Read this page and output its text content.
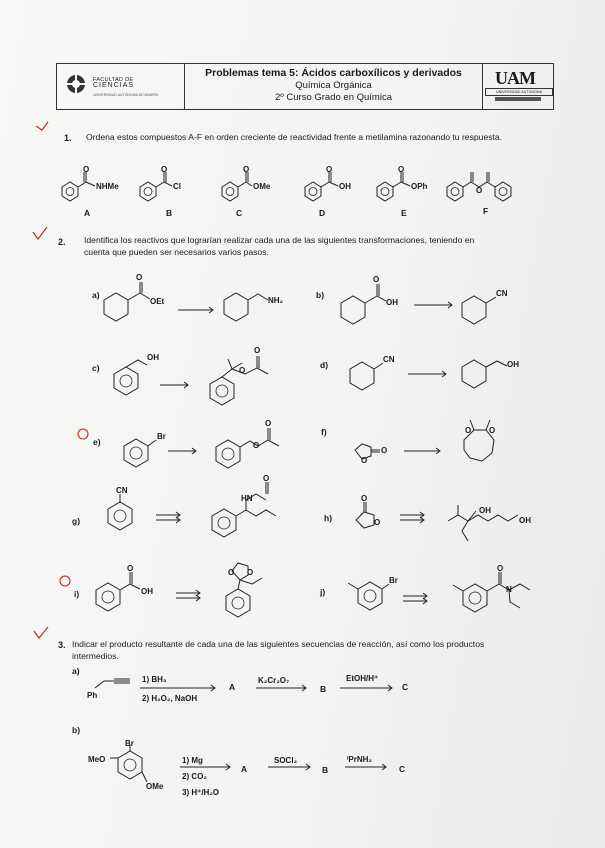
FACULTAD DE
CIENCIAS
UNIVERSIDAD AUTÓNOMA DE MADRID
Problemas tema 5: Ácidos carboxílicos y derivados
Química Orgánica
2º Curso Grado en Química
UAM
UNIVERSIDAD AUTONOMA
1. Ordena estos compuestos A-F en orden creciente de reactividad frente a metilamina razonando tu respuesta.
O	O	O	O	O
NHMe	Cl	OMe	OH	OPh	O
A	B	C	D	E	F
2. Identifica los reactivos que lograrían realizar cada una de las siguientes transformaciones, teniendo en
cuenta que pueden ser necesarios varios pasos.
a)	b)
c)	d)
e)
f)
g)	h)
i)	j)
O
OEt	NH₂
O
OH
CN
OH
O
O
CN
OH
Br
O
O
O
O
O O
CN
HN
O
O
O
OH
OH
O
OH
O O
Br
O
N
3. Indicar el producto resultante de cada una de las siguientes secuencias de reacción, así como los productos
intermedios.
a)
Ph
1) BH₃
2) H₂O₂, NaOH
A
K₂Cr₂O₇
B
EtOH/H⁺
C
b)
Br
MeO
OMe
1) Mg
2) CO₂
3) H⁺/H₂O
A
SOCl₂
B
ⁱPrNH₂
C
